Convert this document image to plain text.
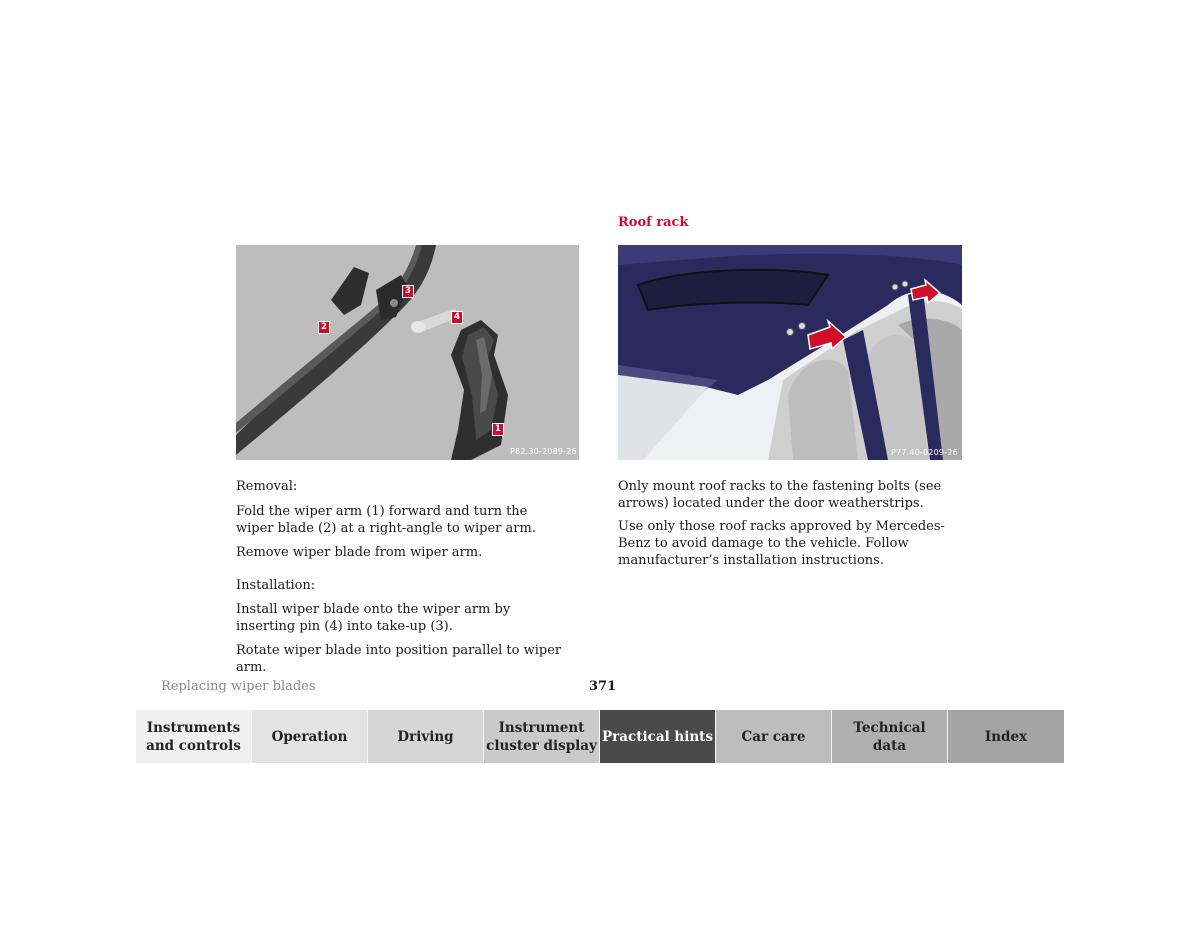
Roof rack
1
2
3
4
P82.30-2089-26	P77.40-0209-26

Removal:

Fold the wiper arm (1) forward and turn the wiper blade (2) at a right-angle to wiper arm.

Remove wiper blade from wiper arm.

Installation:

Install wiper blade onto the wiper arm by inserting pin (4) into take-up (3).

Rotate wiper blade into position parallel to wiper arm.

Only mount roof racks to the fastening bolts (see arrows) located under the door weatherstrips.

Use only those roof racks approved by Mercedes-Benz to avoid damage to the vehicle. Follow manufacturer’s installation instructions.

Replacing wiper blades	371
Instruments
and controls
Operation	Driving
Instrument
cluster display
Practical hints Car care
Technical
data
Index
